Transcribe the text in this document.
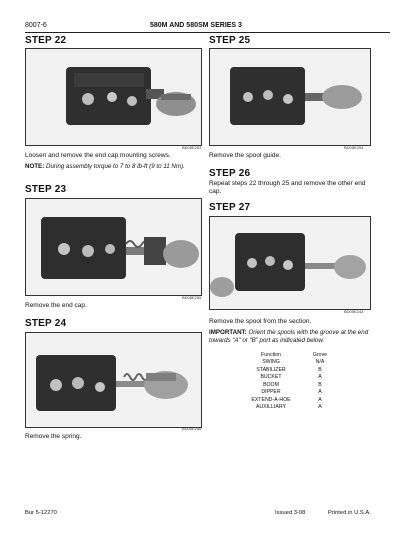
8007-6	580M AND 580SM SERIES 3
STEP 22
BD05E253
Loosen and remove the end cap mounting screws.
NOTE: During assembly torque to 7 to 8 lb-ft (9 to 11 Nm).
STEP 23
BD05E255
Remove the end cap.
STEP 24
BD05E256
Remove the spring.
STEP 25
BD05E254
Remove the spool guide.
STEP 26
Repeat steps 22 through 25 and remove the other end cap.
STEP 27
BD05E243
Remove the spool from the section.
IMPORTANT: Orient the spools with the groove at the end towards “A” or “B” port as indicated below.
Function	Grove
SWING	N/A
STABILIZER	B
BUCKET	A
BOOM	B
DIPPER	A
EXTEND-A-HOE	A
AUXILLIARY	A
Bur 5-12270	Issued 3-08	Printed in U.S.A.
